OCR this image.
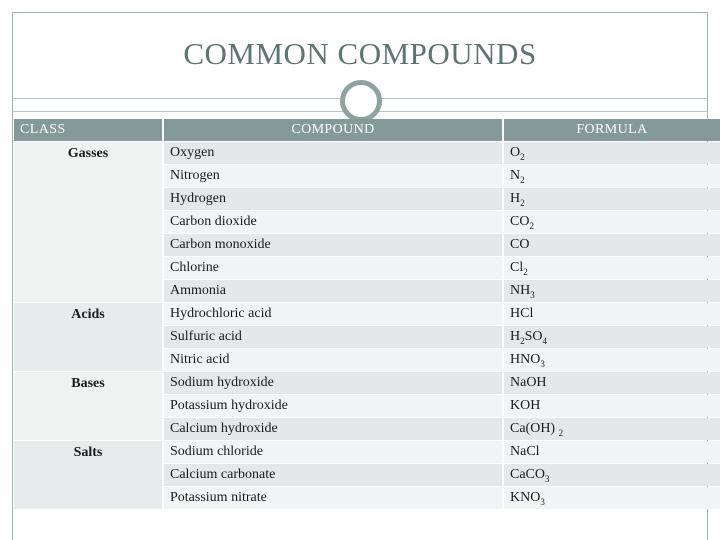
COMMON COMPOUNDS
CLASS	COMPOUND	FORMULA
Gasses	Oxygen	$O_2$
	Nitrogen	$N_2$
	Hydrogen	$H_2$
	Carbon dioxide	$CO_2$
	Carbon monoxide	CO
	Chlorine	$Cl_2$
	Ammonia	$NH_3$
Acids	Hydrochloric acid	HCl
	Sulfuric acid	$H_2SO_4$
	Nitric acid	$HNO_3$
Bases	Sodium hydroxide	NaOH
	Potassium hydroxide	KOH
	Calcium hydroxide	Ca(OH) $_2$
Salts	Sodium chloride	NaCl
	Calcium carbonate	CaCO$_3$
	Potassium nitrate	$KNO_3$
